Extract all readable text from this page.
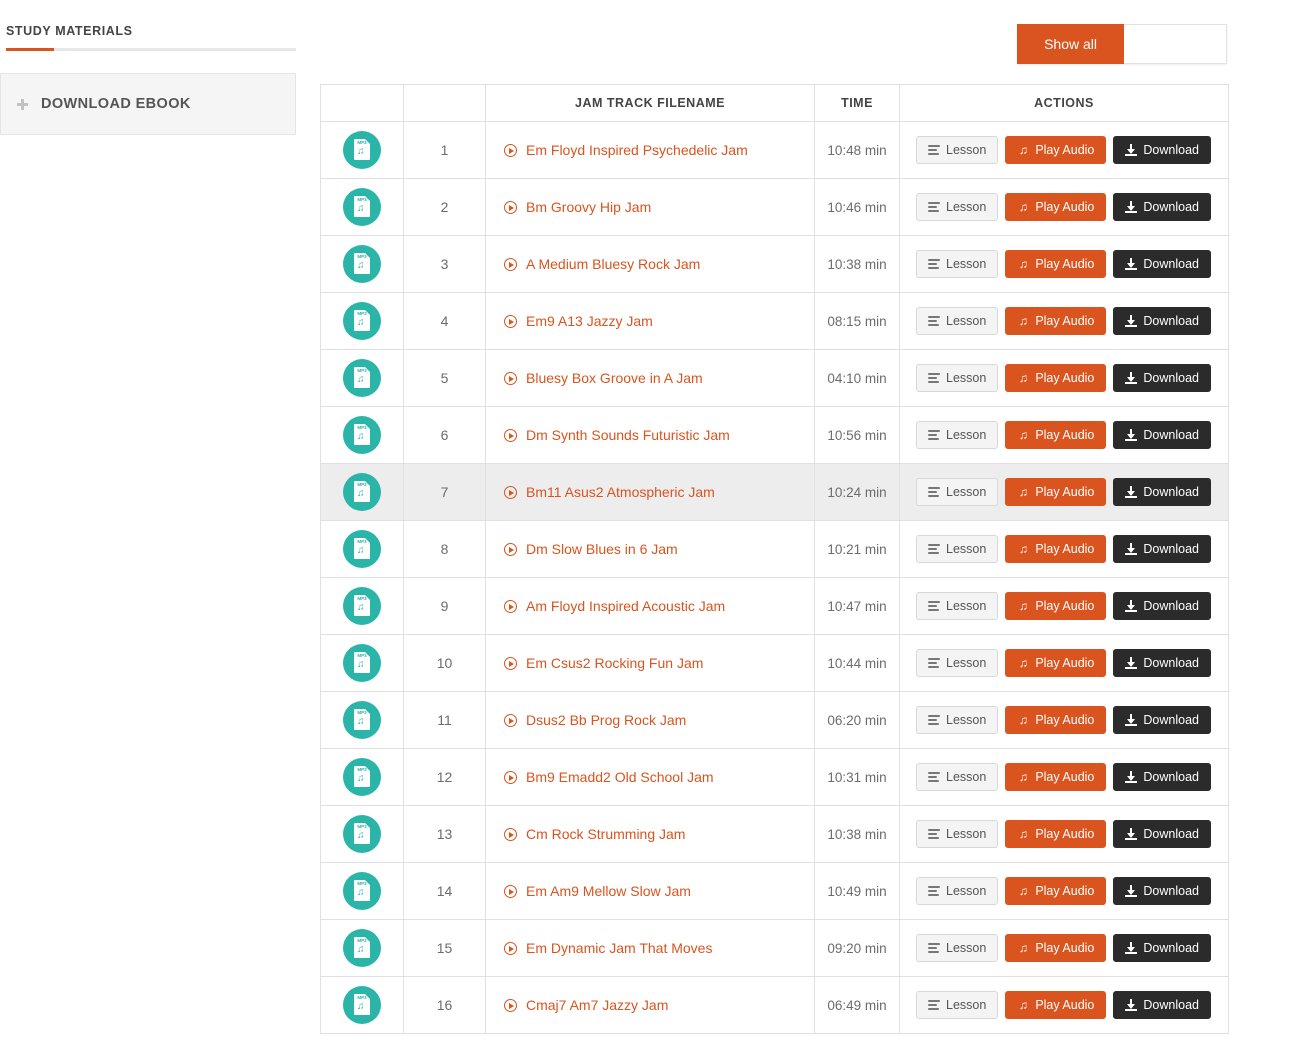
STUDY MATERIALS
DOWNLOAD EBOOK
Show all
		JAM TRACK FILENAME	TIME	ACTIONS

MP3
♫	1	Em Floyd Inspired Psychedelic Jam	10:48 min	Lesson ♫ Play Audio Download

MP3
♫	2	Bm Groovy Hip Jam	10:46 min	Lesson ♫ Play Audio Download

MP3
♫	3	A Medium Bluesy Rock Jam	10:38 min	Lesson ♫ Play Audio Download

MP3
♫	4	Em9 A13 Jazzy Jam	08:15 min	Lesson ♫ Play Audio Download

MP3
♫	5	Bluesy Box Groove in A Jam	04:10 min	Lesson ♫ Play Audio Download

MP3
♫	6	Dm Synth Sounds Futuristic Jam	10:56 min	Lesson ♫ Play Audio Download

MP3
♫	7	Bm11 Asus2 Atmospheric Jam	10:24 min	Lesson ♫ Play Audio Download

MP3
♫	8	Dm Slow Blues in 6 Jam	10:21 min	Lesson ♫ Play Audio Download

MP3
♫	9	Am Floyd Inspired Acoustic Jam	10:47 min	Lesson ♫ Play Audio Download

MP3
♫	10	Em Csus2 Rocking Fun Jam	10:44 min	Lesson ♫ Play Audio Download

MP3
♫	11	Dsus2 Bb Prog Rock Jam	06:20 min	Lesson ♫ Play Audio Download

MP3
♫	12	Bm9 Emadd2 Old School Jam	10:31 min	Lesson ♫ Play Audio Download

MP3
♫	13	Cm Rock Strumming Jam	10:38 min	Lesson ♫ Play Audio Download

MP3
♫	14	Em Am9 Mellow Slow Jam	10:49 min	Lesson ♫ Play Audio Download

MP3
♫	15	Em Dynamic Jam That Moves	09:20 min	Lesson ♫ Play Audio Download

MP3
♫	16	Cmaj7 Am7 Jazzy Jam	06:49 min	Lesson ♫ Play Audio Download
